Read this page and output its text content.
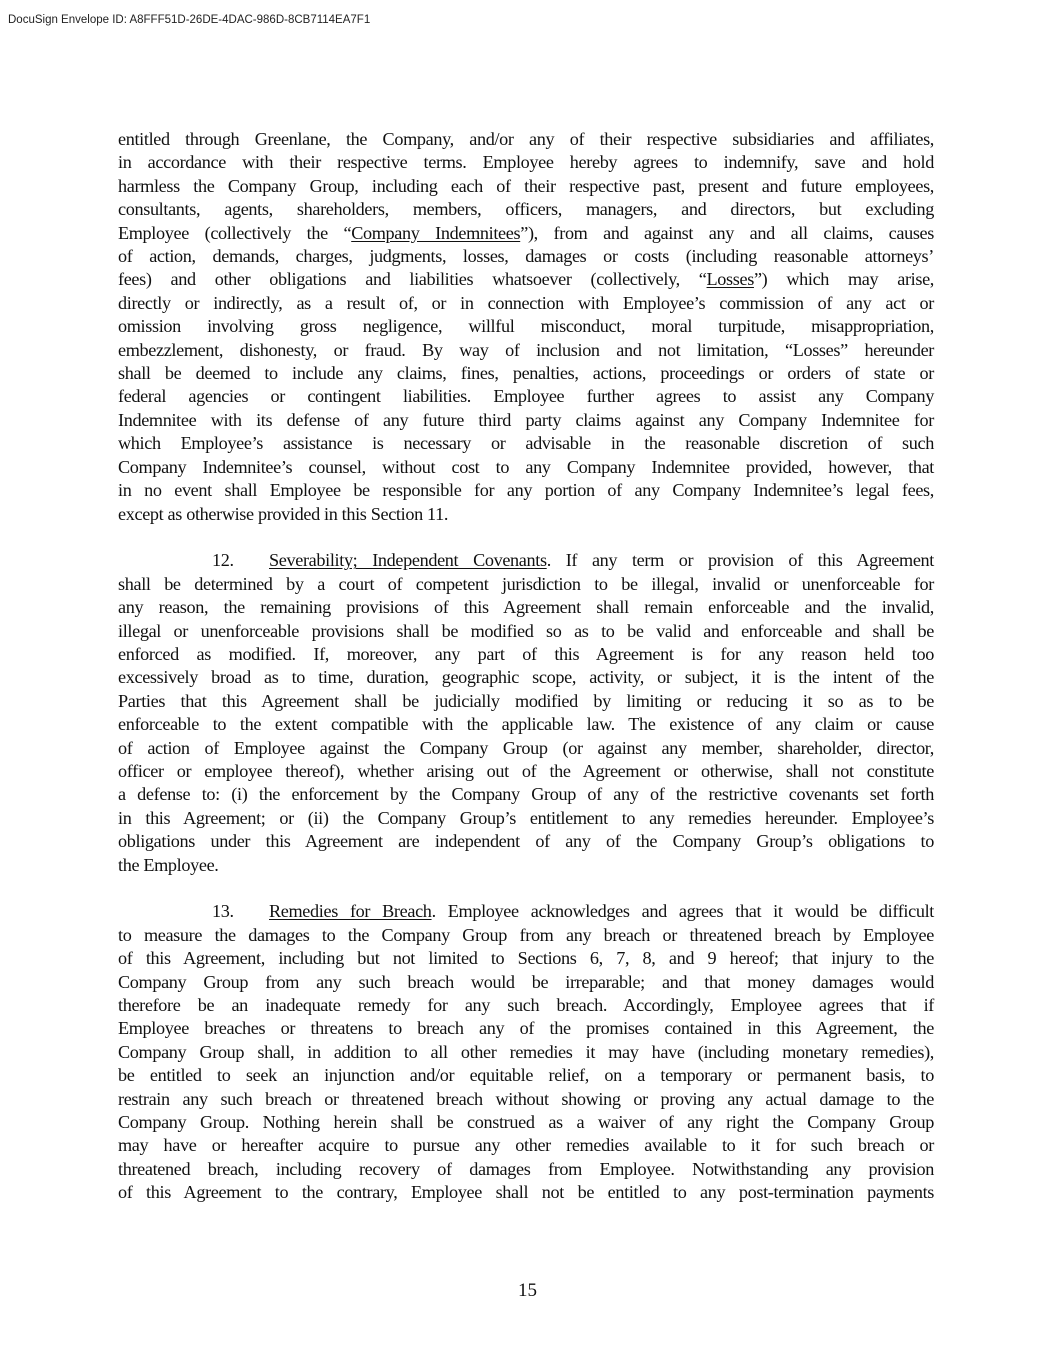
DocuSign Envelope ID: A8FFF51D-26DE-4DAC-986D-8CB7114EA7F1
entitled through Greenlane, the Company, and/or any of their respective subsidiaries and affiliates,
in accordance with their respective terms. Employee hereby agrees to indemnify, save and hold
harmless the Company Group, including each of their respective past, present and future employees,
consultants, agents, shareholders, members, officers, managers, and directors, but excluding
Employee (collectively the “Company Indemnitees”), from and against any and all claims, causes
of action, demands, charges, judgments, losses, damages or costs (including reasonable attorneys’
fees) and other obligations and liabilities whatsoever (collectively, “Losses”) which may arise,
directly or indirectly, as a result of, or in connection with Employee’s commission of any act or
omission involving gross negligence, willful misconduct, moral turpitude, misappropriation,
embezzlement, dishonesty, or fraud. By way of inclusion and not limitation, “Losses” hereunder
shall be deemed to include any claims, fines, penalties, actions, proceedings or orders of state or
federal agencies or contingent liabilities. Employee further agrees to assist any Company
Indemnitee with its defense of any future third party claims against any Company Indemnitee for
which Employee’s assistance is necessary or advisable in the reasonable discretion of such
Company Indemnitee’s counsel, without cost to any Company Indemnitee provided, however, that
in no event shall Employee be responsible for any portion of any Company Indemnitee’s legal fees,
except as otherwise provided in this Section 11.
12. Severability; Independent Covenants. If any term or provision of this Agreement
shall be determined by a court of competent jurisdiction to be illegal, invalid or unenforceable for
any reason, the remaining provisions of this Agreement shall remain enforceable and the invalid,
illegal or unenforceable provisions shall be modified so as to be valid and enforceable and shall be
enforced as modified. If, moreover, any part of this Agreement is for any reason held too
excessively broad as to time, duration, geographic scope, activity, or subject, it is the intent of the
Parties that this Agreement shall be judicially modified by limiting or reducing it so as to be
enforceable to the extent compatible with the applicable law. The existence of any claim or cause
of action of Employee against the Company Group (or against any member, shareholder, director,
officer or employee thereof), whether arising out of the Agreement or otherwise, shall not constitute
a defense to: (i) the enforcement by the Company Group of any of the restrictive covenants set forth
in this Agreement; or (ii) the Company Group’s entitlement to any remedies hereunder. Employee’s
obligations under this Agreement are independent of any of the Company Group’s obligations to
the Employee.
13. Remedies for Breach. Employee acknowledges and agrees that it would be difficult
to measure the damages to the Company Group from any breach or threatened breach by Employee
of this Agreement, including but not limited to Sections 6, 7, 8, and 9 hereof; that injury to the
Company Group from any such breach would be irreparable; and that money damages would
therefore be an inadequate remedy for any such breach. Accordingly, Employee agrees that if
Employee breaches or threatens to breach any of the promises contained in this Agreement, the
Company Group shall, in addition to all other remedies it may have (including monetary remedies),
be entitled to seek an injunction and/or equitable relief, on a temporary or permanent basis, to
restrain any such breach or threatened breach without showing or proving any actual damage to the
Company Group. Nothing herein shall be construed as a waiver of any right the Company Group
may have or hereafter acquire to pursue any other remedies available to it for such breach or
threatened breach, including recovery of damages from Employee. Notwithstanding any provision
of this Agreement to the contrary, Employee shall not be entitled to any post-termination payments
15
